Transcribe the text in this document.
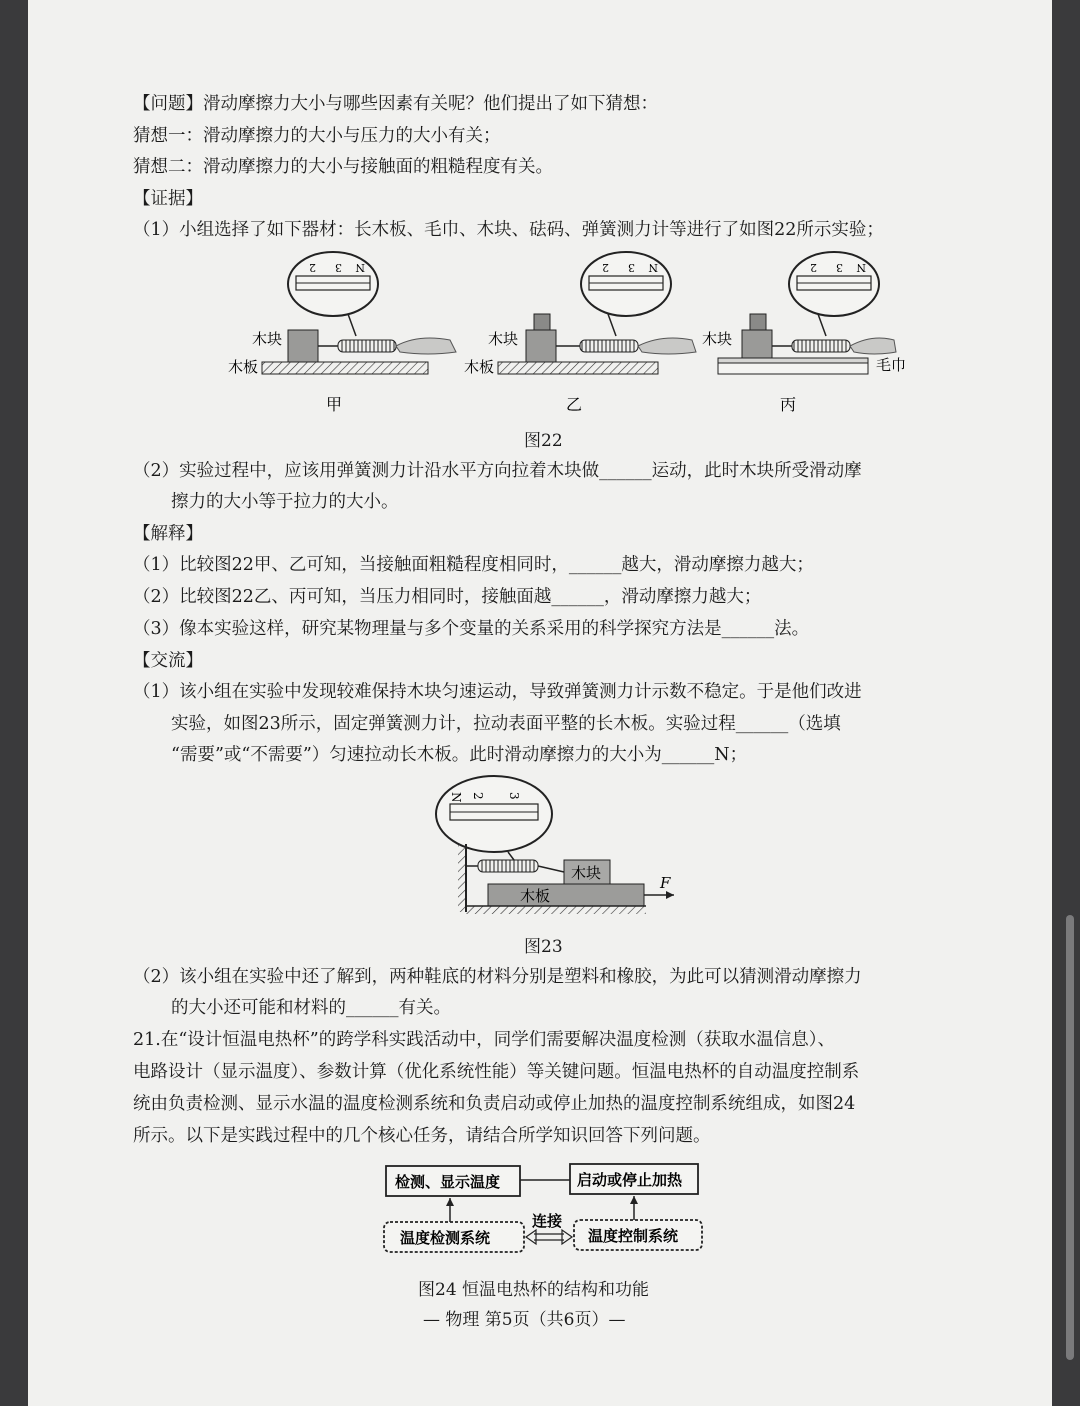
【问题】滑动摩擦力大小与哪些因素有关呢？他们提出了如下猜想：
猜想一：滑动摩擦力的大小与压力的大小有关；
猜想二：滑动摩擦力的大小与接触面的粗糙程度有关。
【证据】
（1）小组选择了如下器材：长木板、毛巾、木块、砝码、弹簧测力计等进行了如图22所示实验；
2 3 N
木块
木板
甲
2 3 N
木块
木板
乙
2 3 N
木块
毛巾
丙
图22
（2）实验过程中，应该用弹簧测力计沿水平方向拉着木块做______运动，此时木块所受滑动摩
擦力的大小等于拉力的大小。
【解释】
（1）比较图22甲、乙可知，当接触面粗糙程度相同时，______越大，滑动摩擦力越大；
（2）比较图22乙、丙可知，当压力相同时，接触面越______，滑动摩擦力越大；
（3）像本实验这样，研究某物理量与多个变量的关系采用的科学探究方法是______法。
【交流】
（1）该小组在实验中发现较难保持木块匀速运动，导致弹簧测力计示数不稳定。于是他们改进
实验，如图23所示，固定弹簧测力计，拉动表面平整的长木板。实验过程______（选填
“需要”或“不需要”）匀速拉动长木板。此时滑动摩擦力的大小为______N；
N 2 3
木块
木板
F
图23
（2）该小组在实验中还了解到，两种鞋底的材料分别是塑料和橡胶，为此可以猜测滑动摩擦力
的大小还可能和材料的______有关。
21.在“设计恒温电热杯”的跨学科实践活动中，同学们需要解决温度检测（获取水温信息）、
电路设计（显示温度）、参数计算（优化系统性能）等关键问题。恒温电热杯的自动温度控制系
统由负责检测、显示水温的温度检测系统和负责启动或停止加热的温度控制系统组成，如图24
所示。以下是实践过程中的几个核心任务，请结合所学知识回答下列问题。
检测、显示温度	启动或停止加热
温度检测系统	温度控制系统
连接
图24 恒温电热杯的结构和功能
— 物理 第5页（共6页）—
